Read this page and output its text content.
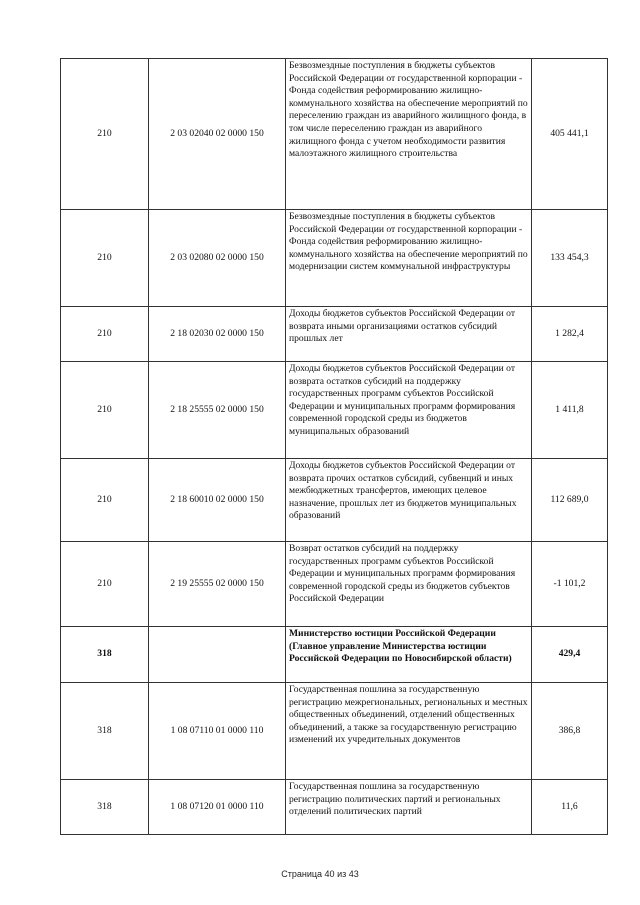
210	2 03 02040 02 0000 150	Безвозмездные поступления в бюджеты субъектов Российской Федерации от государственной корпорации - Фонда содействия реформированию жилищно-коммунального хозяйства на обеспечение мероприятий по переселению граждан из аварийного жилищного фонда, в том числе переселению граждан из аварийного жилищного фонда с учетом необходимости развития малоэтажного жилищного строительства	405 441,1
210	2 03 02080 02 0000 150	Безвозмездные поступления в бюджеты субъектов Российской Федерации от государственной корпорации - Фонда содействия реформированию жилищно-коммунального хозяйства на обеспечение мероприятий по модернизации систем коммунальной инфраструктуры	133 454,3
210	2 18 02030 02 0000 150	Доходы бюджетов субъектов Российской Федерации от возврата иными организациями остатков субсидий прошлых лет	1 282,4
210	2 18 25555 02 0000 150	Доходы бюджетов субъектов Российской Федерации от возврата остатков субсидий на поддержку государственных программ субъектов Российской Федерации и муниципальных программ формирования современной городской среды из бюджетов муниципальных образований	1 411,8
210	2 18 60010 02 0000 150	Доходы бюджетов субъектов Российской Федерации от возврата прочих остатков субсидий, субвенций и иных межбюджетных трансфертов, имеющих целевое назначение, прошлых лет из бюджетов муниципальных образований	112 689,0
210	2 19 25555 02 0000 150	Возврат остатков субсидий на поддержку государственных программ субъектов Российской Федерации и муниципальных программ формирования современной городской среды из бюджетов субъектов Российской Федерации	-1 101,2
318		Министерство юстиции Российской Федерации (Главное управление Министерства юстиции Российской Федерации по Новосибирской области)	429,4
318	1 08 07110 01 0000 110	Государственная пошлина за государственную регистрацию межрегиональных, региональных и местных общественных объединений, отделений общественных объединений, а также за государственную регистрацию изменений их учредительных документов	386,8
318	1 08 07120 01 0000 110	Государственная пошлина за государственную регистрацию политических партий и региональных отделений политических партий	11,6
Страница 40 из 43
